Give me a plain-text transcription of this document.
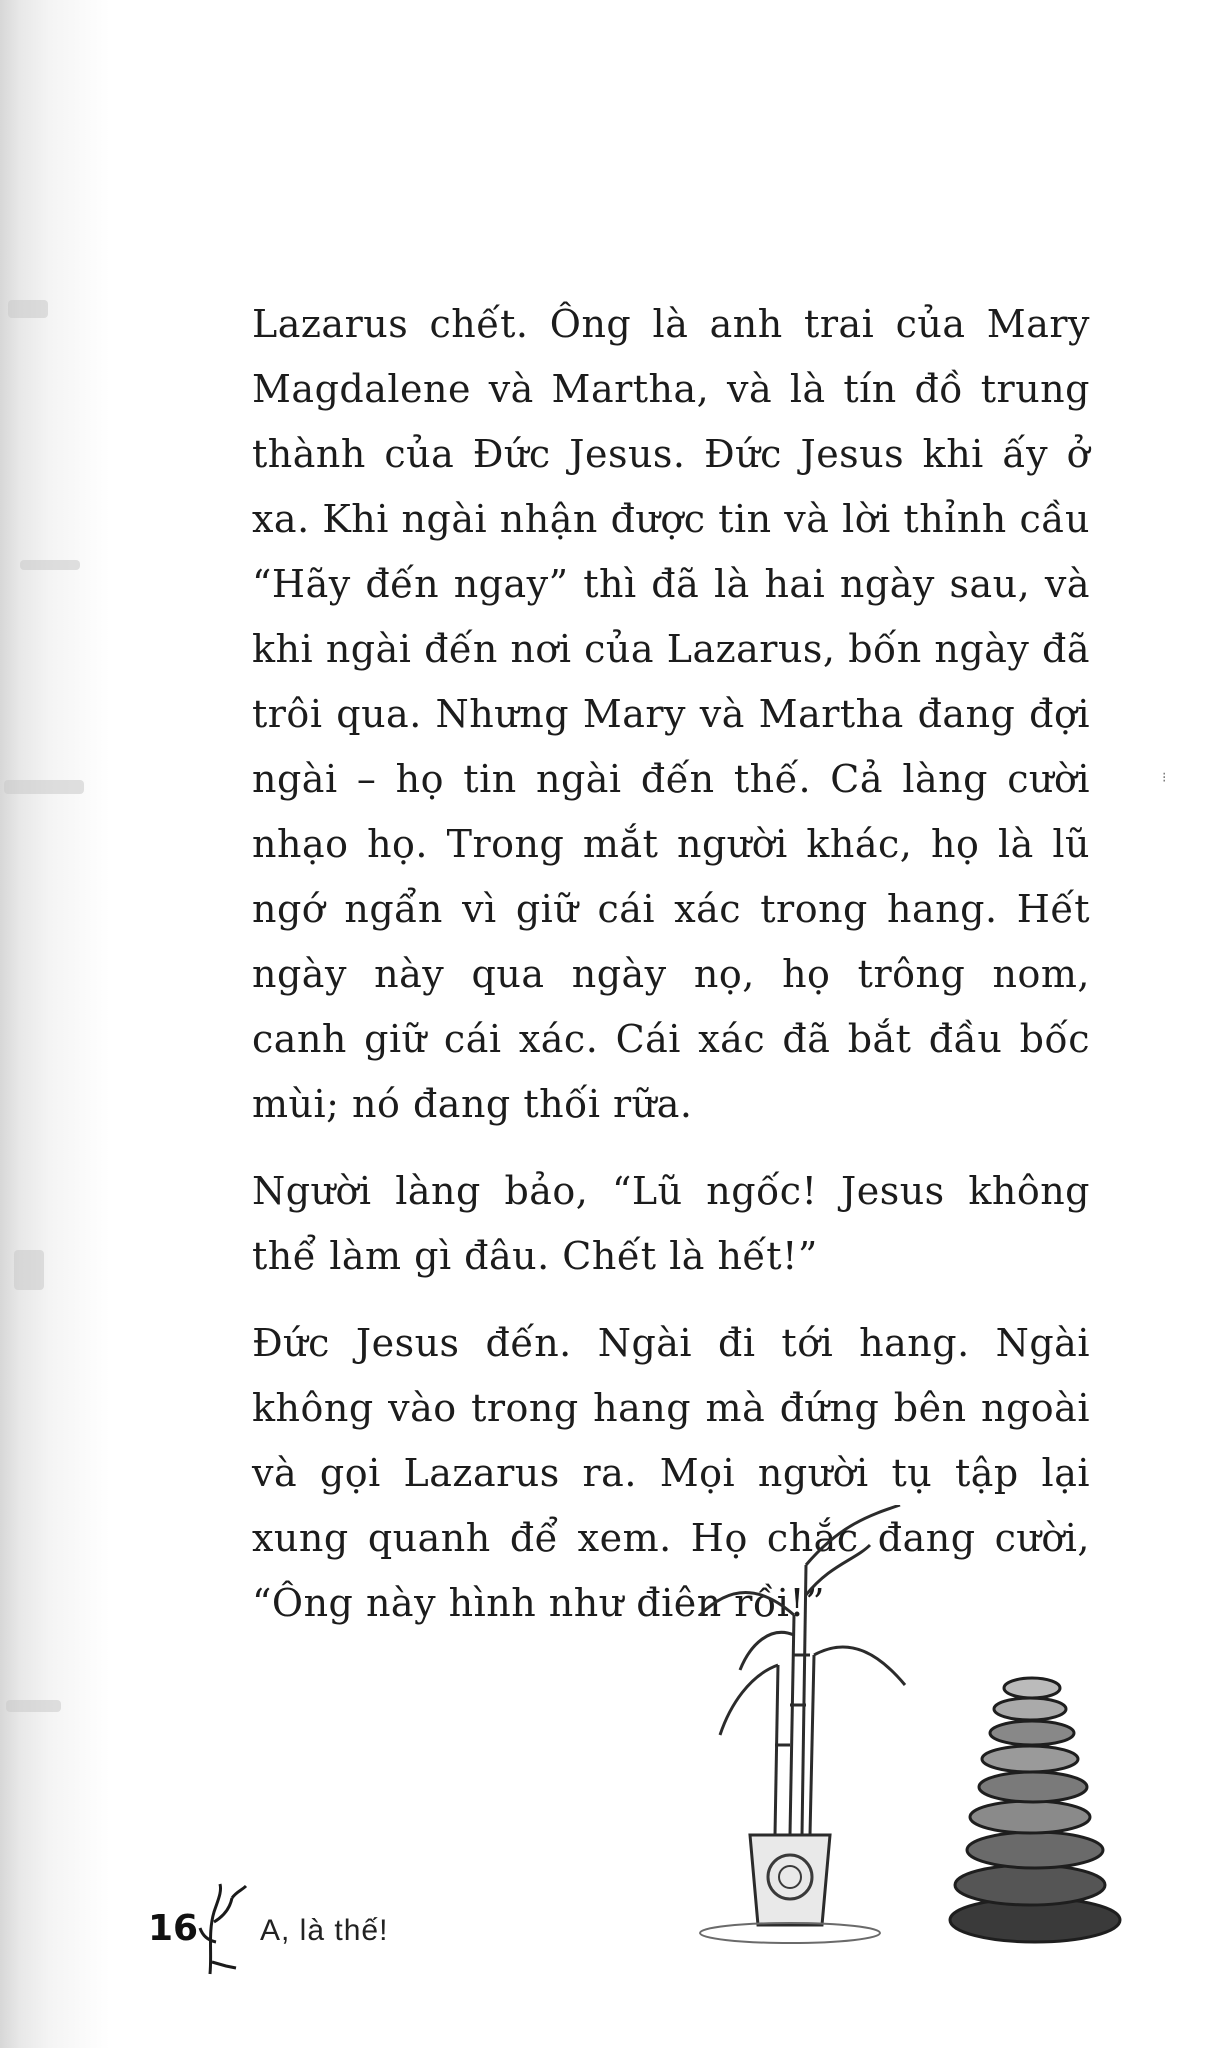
Lazarus chết. Ông là anh trai của Mary Magdalene và Martha, và là tín đồ trung thành của Đức Jesus. Đức Jesus khi ấy ở xa. Khi ngài nhận được tin và lời thỉnh cầu “Hãy đến ngay” thì đã là hai ngày sau, và khi ngài đến nơi của Lazarus, bốn ngày đã trôi qua. Nhưng Mary và Martha đang đợi ngài – họ tin ngài đến thế. Cả làng cười nhạo họ. Trong mắt người khác, họ là lũ ngớ ngẩn vì giữ cái xác trong hang. Hết ngày này qua ngày nọ, họ trông nom, canh giữ cái xác. Cái xác đã bắt đầu bốc mùi; nó đang thối rữa.

Người làng bảo, “Lũ ngốc! Jesus không thể làm gì đâu. Chết là hết!”

Đức Jesus đến. Ngài đi tới hang. Ngài không vào trong hang mà đứng bên ngoài và gọi Lazarus ra. Mọi người tụ tập lại xung quanh để xem. Họ chắc đang cười, “Ông này hình như điên rồi!”

⁝
16 A, là thế!
